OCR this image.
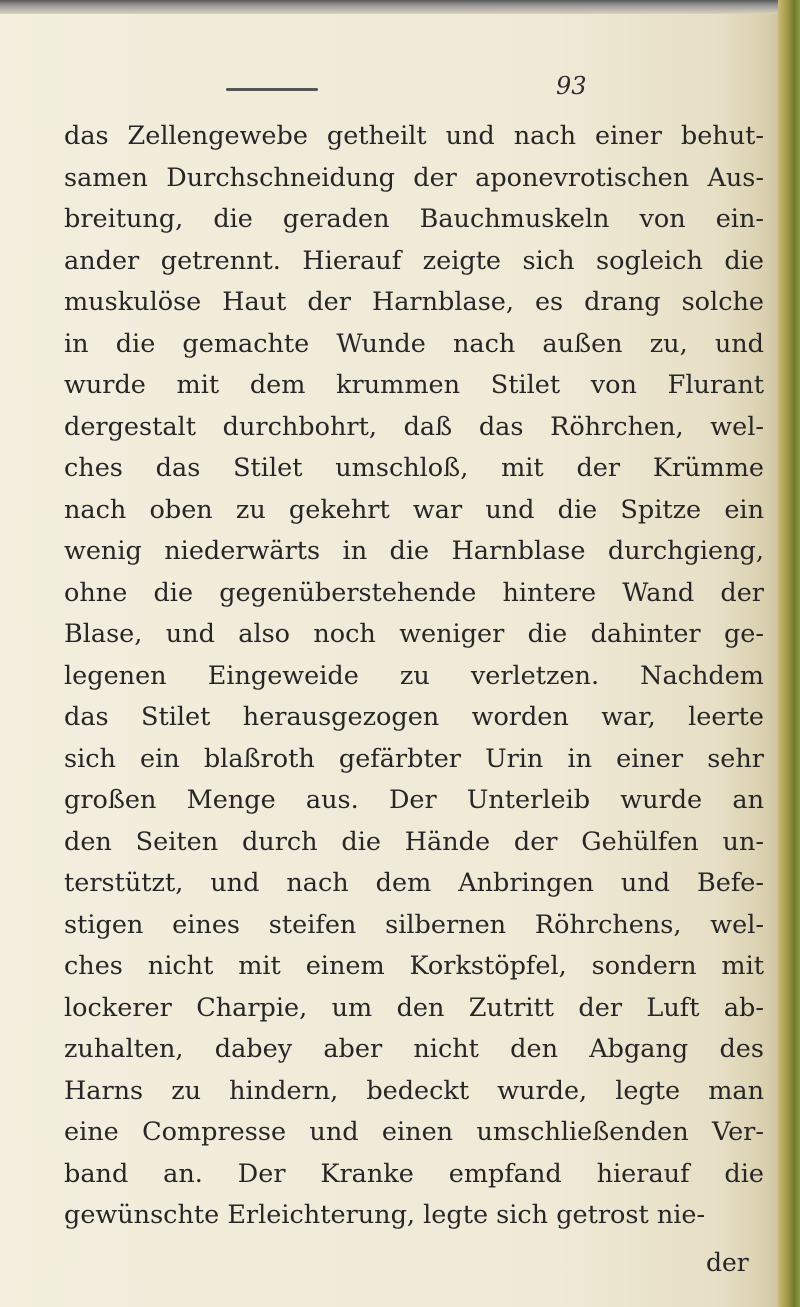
93
das Zellengewebe getheilt und nach einer behut-
samen Durchschneidung der aponevrotischen Aus-
breitung, die geraden Bauchmuskeln von ein-
ander getrennt. Hierauf zeigte sich sogleich die
muskulöse Haut der Harnblase, es drang solche
in die gemachte Wunde nach außen zu, und
wurde mit dem krummen Stilet von Flurant
dergestalt durchbohrt, daß das Röhrchen, wel-
ches das Stilet umschloß, mit der Krümme
nach oben zu gekehrt war und die Spitze ein
wenig niederwärts in die Harnblase durchgieng,
ohne die gegenüberstehende hintere Wand der
Blase, und also noch weniger die dahinter ge-
legenen Eingeweide zu verletzen. Nachdem
das Stilet herausgezogen worden war, leerte
sich ein blaßroth gefärbter Urin in einer sehr
großen Menge aus. Der Unterleib wurde an
den Seiten durch die Hände der Gehülfen un-
terstützt, und nach dem Anbringen und Befe-
stigen eines steifen silbernen Röhrchens, wel-
ches nicht mit einem Korkstöpfel, sondern mit
lockerer Charpie, um den Zutritt der Luft ab-
zuhalten, dabey aber nicht den Abgang des
Harns zu hindern, bedeckt wurde, legte man
eine Compresse und einen umschließenden Ver-
band an. Der Kranke empfand hierauf die
gewünschte Erleichterung, legte sich getrost nie-
der
